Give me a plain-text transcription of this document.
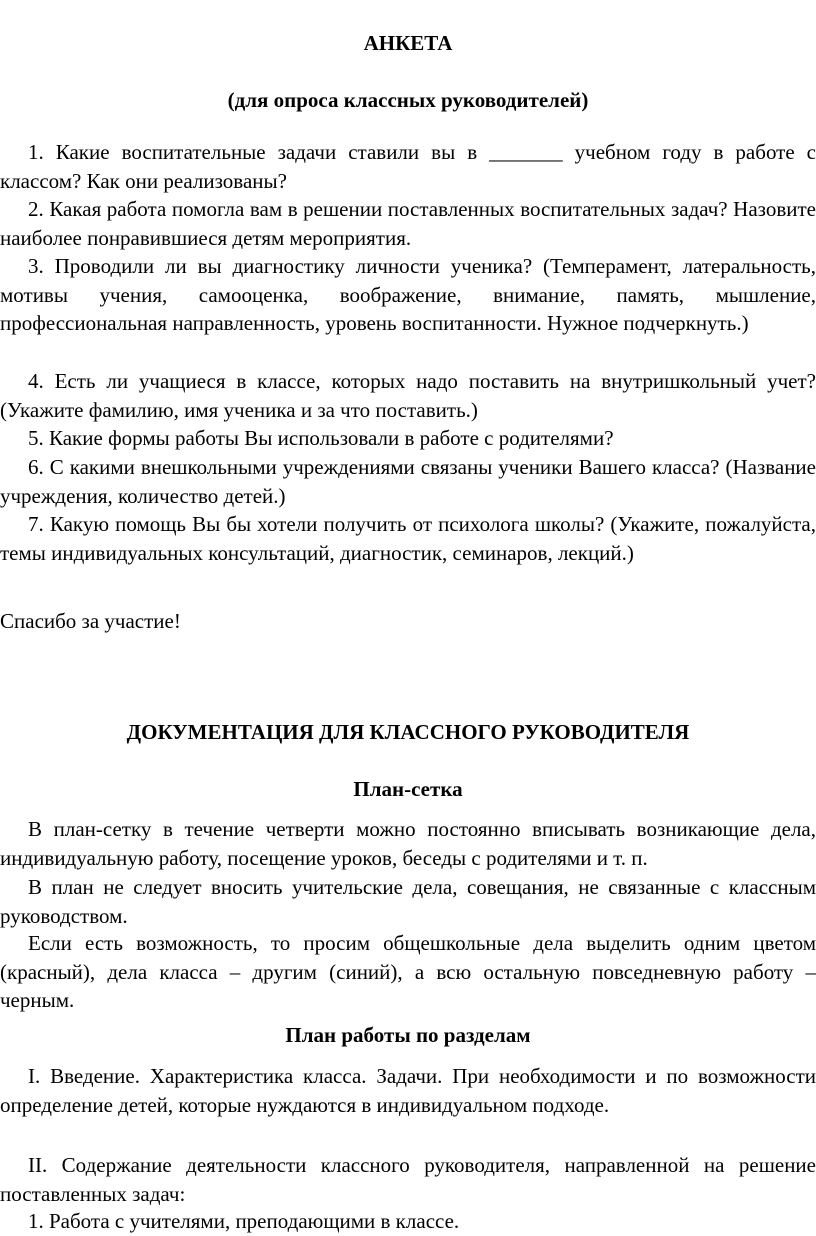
АНКЕТА
(для опроса классных руководителей)

1. Какие воспитательные задачи ставили вы в _______ учебном году в работе с классом? Как они реализованы?

2. Какая работа помогла вам в решении поставленных воспитательных задач? Назовите наиболее понравившиеся детям мероприятия.

3. Проводили ли вы диагностику личности ученика? (Темперамент, латеральность, мотивы учения, самооценка, воображение, внимание, память, мышление, профессиональная направленность, уровень воспитанности. Нужное подчеркнуть.)

4. Есть ли учащиеся в классе, которых надо поставить на внутришкольный учет? (Укажите фамилию, имя ученика и за что поставить.)

5. Какие формы работы Вы использовали в работе с родителями?

6. С какими внешкольными учреждениями связаны ученики Вашего класса? (Название учреждения, количество детей.)

7. Какую помощь Вы бы хотели получить от психолога школы? (Укажите, пожалуйста, темы индивидуальных консультаций, диагностик, семинаров, лекций.)

Спасибо за участие!

ДОКУМЕНТАЦИЯ ДЛЯ КЛАССНОГО РУКОВОДИТЕЛЯ
План-сетка

В план-сетку в течение четверти можно постоянно вписывать возникающие дела, индивидуальную работу, посещение уроков, беседы с родителями и т. п.

В план не следует вносить учительские дела, совещания, не связанные с классным руководством.

Если есть возможность, то просим общешкольные дела выделить одним цветом (красный), дела класса – другим (синий), а всю остальную повседневную работу – черным.

План работы по разделам

I. Введение. Характеристика класса. Задачи. При необходимости и по возможности определение детей, которые нуждаются в индивидуальном подходе.

II. Содержание деятельности классного руководителя, направленной на решение поставленных задач:

1. Работа с учителями, преподающими в классе.
